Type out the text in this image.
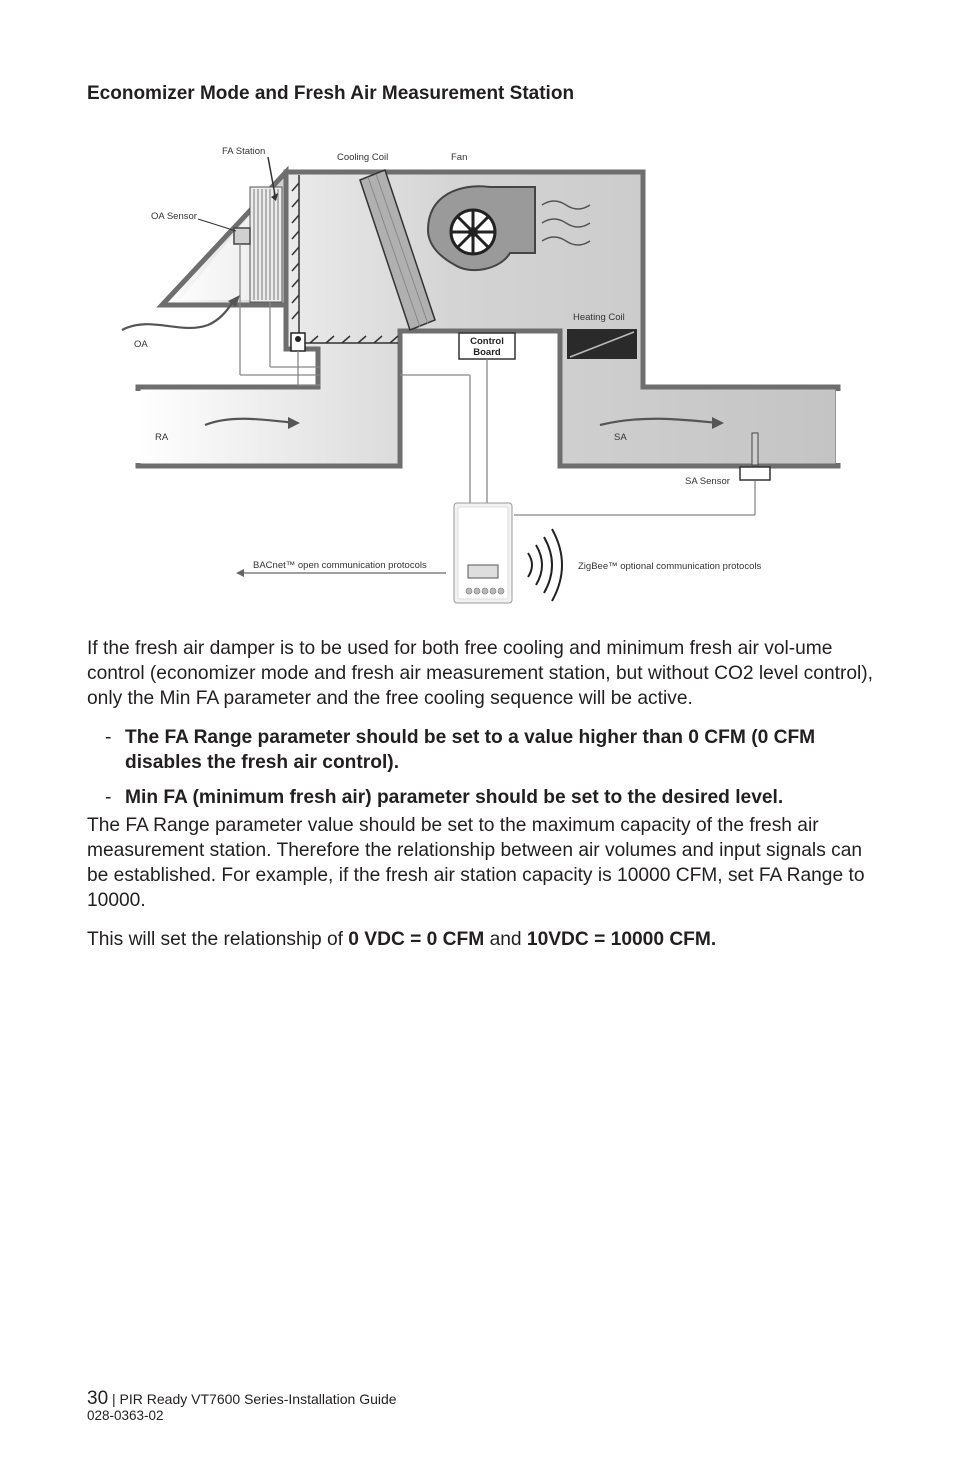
Economizer Mode and Fresh Air Measurement Station
Control
Board
FA Station
Cooling Coil	Fan
OA Sensor
OA
Heating Coil
RA	SA
SA Sensor
BACnet™ open communication protocols	ZigBee™ optional communication protocols

If the fresh air damper is to be used for both free cooling and minimum fresh air vol-ume control (economizer mode and fresh air measurement station, but without CO2 level control), only the Min FA parameter and the free cooling sequence will be active.

- The FA Range parameter should be set to a value higher than 0 CFM (0 CFM disables the fresh air control).
- Min FA (minimum fresh air) parameter should be set to the desired level.

The FA Range parameter value should be set to the maximum capacity of the fresh air measurement station. Therefore the relationship between air volumes and input signals can be established. For example, if the fresh air station capacity is 10000 CFM, set FA Range to 10000.

This will set the relationship of 0 VDC = 0 CFM and 10VDC = 10000 CFM.

30 | PIR Ready VT7600 Series-Installation Guide
028-0363-02
